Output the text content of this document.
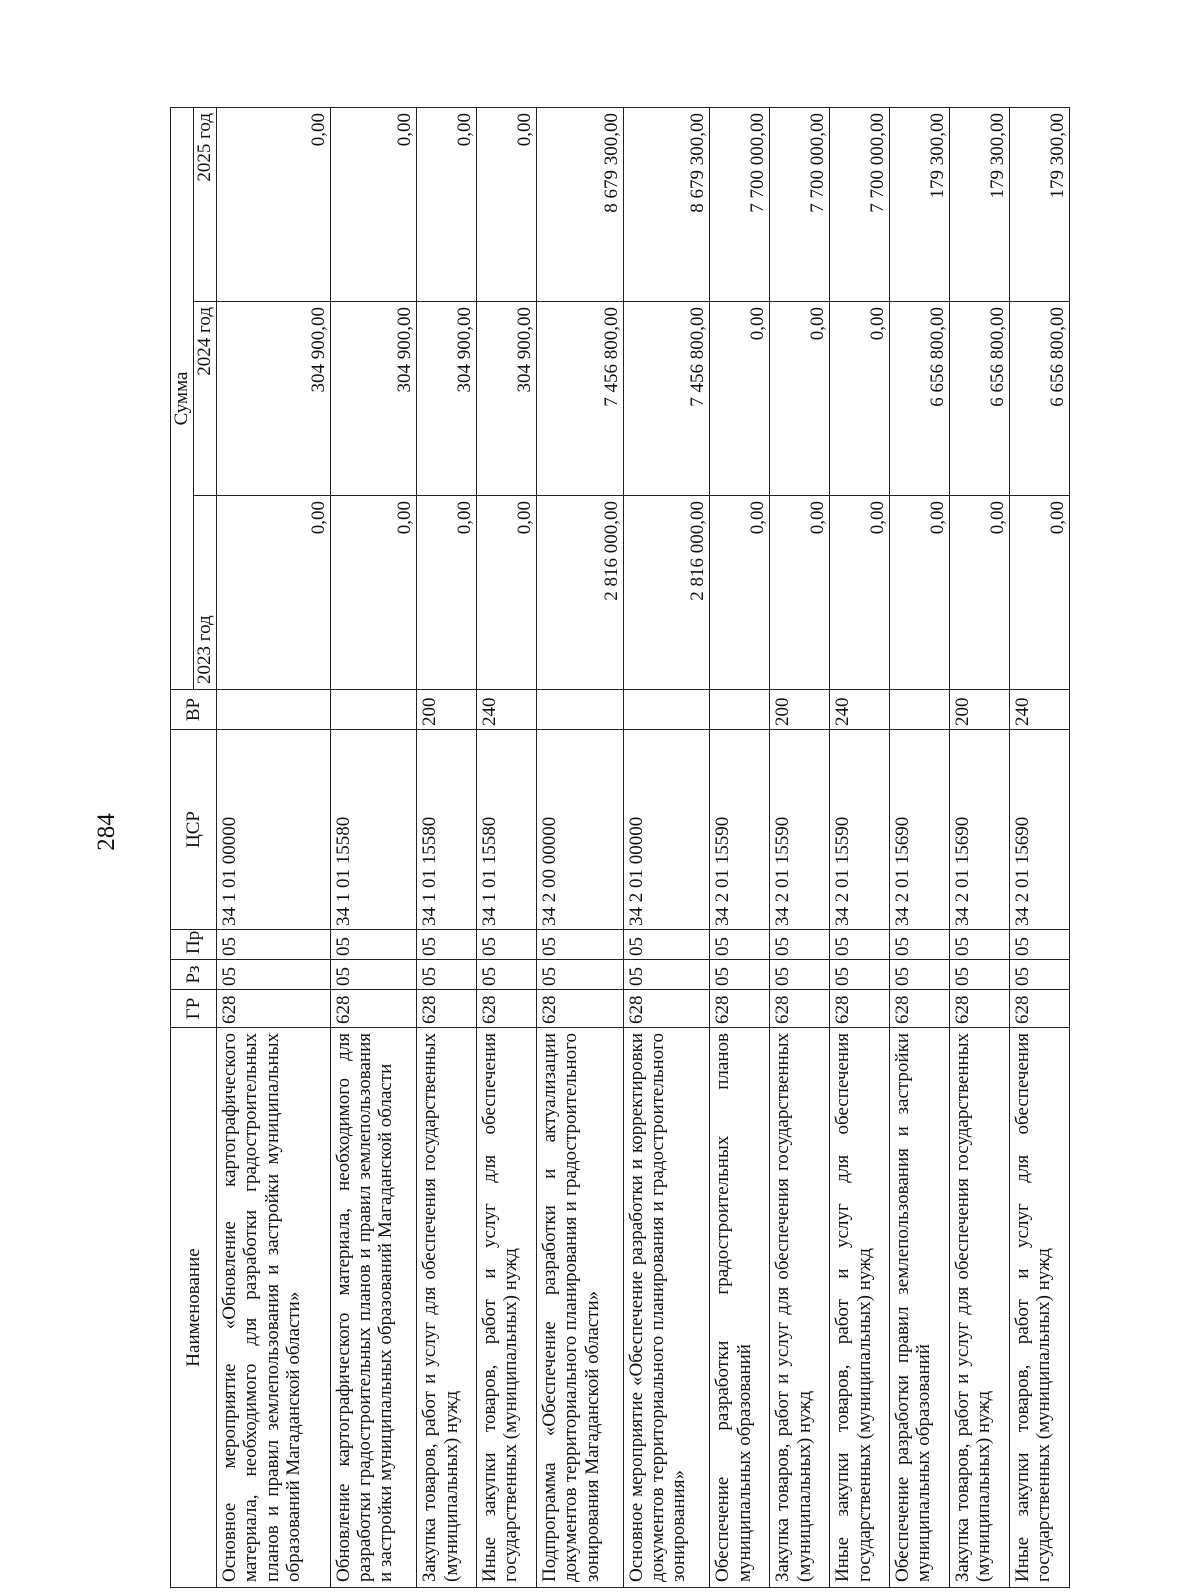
284
Наименование	ГР	Рз	Пр	ЦСР	ВР	Сумма		
						2023 год	2024 год	2025 год
Основное мероприятие «Обновление картографического материала, необходимого для разработки градостроительных планов и правил землепользования и застройки муниципальных образований Магаданской области»	628	05	05	34 1 01 00000		0,00	304 900,00	0,00
Обновление картографического материала, необходимого для разработки градостроительных планов и правил землепользования и застройки муниципальных образований Магаданской области	628	05	05	34 1 01 15580		0,00	304 900,00	0,00
Закупка товаров, работ и услуг для обеспечения государственных (муниципальных) нужд	628	05	05	34 1 01 15580	200	0,00	304 900,00	0,00
Иные закупки товаров, работ и услуг для обеспечения государственных (муниципальных) нужд	628	05	05	34 1 01 15580	240	0,00	304 900,00	0,00
Подпрограмма «Обеспечение разработки и актуализации документов территориального планирования и градостроительного зонирования Магаданской области»	628	05	05	34 2 00 00000		2 816 000,00	7 456 800,00	8 679 300,00
Основное мероприятие «Обеспечение разработки и корректировки документов территориального планирования и градостроительного зонирования»	628	05	05	34 2 01 00000		2 816 000,00	7 456 800,00	8 679 300,00
Обеспечение разработки градостроительных планов муниципальных образований	628	05	05	34 2 01 15590		0,00	0,00	7 700 000,00
Закупка товаров, работ и услуг для обеспечения государственных (муниципальных) нужд	628	05	05	34 2 01 15590	200	0,00	0,00	7 700 000,00
Иные закупки товаров, работ и услуг для обеспечения государственных (муниципальных) нужд	628	05	05	34 2 01 15590	240	0,00	0,00	7 700 000,00
Обеспечение разработки правил землепользования и застройки муниципальных образований	628	05	05	34 2 01 15690		0,00	6 656 800,00	179 300,00
Закупка товаров, работ и услуг для обеспечения государственных (муниципальных) нужд	628	05	05	34 2 01 15690	200	0,00	6 656 800,00	179 300,00
Иные закупки товаров, работ и услуг для обеспечения государственных (муниципальных) нужд	628	05	05	34 2 01 15690	240	0,00	6 656 800,00	179 300,00
